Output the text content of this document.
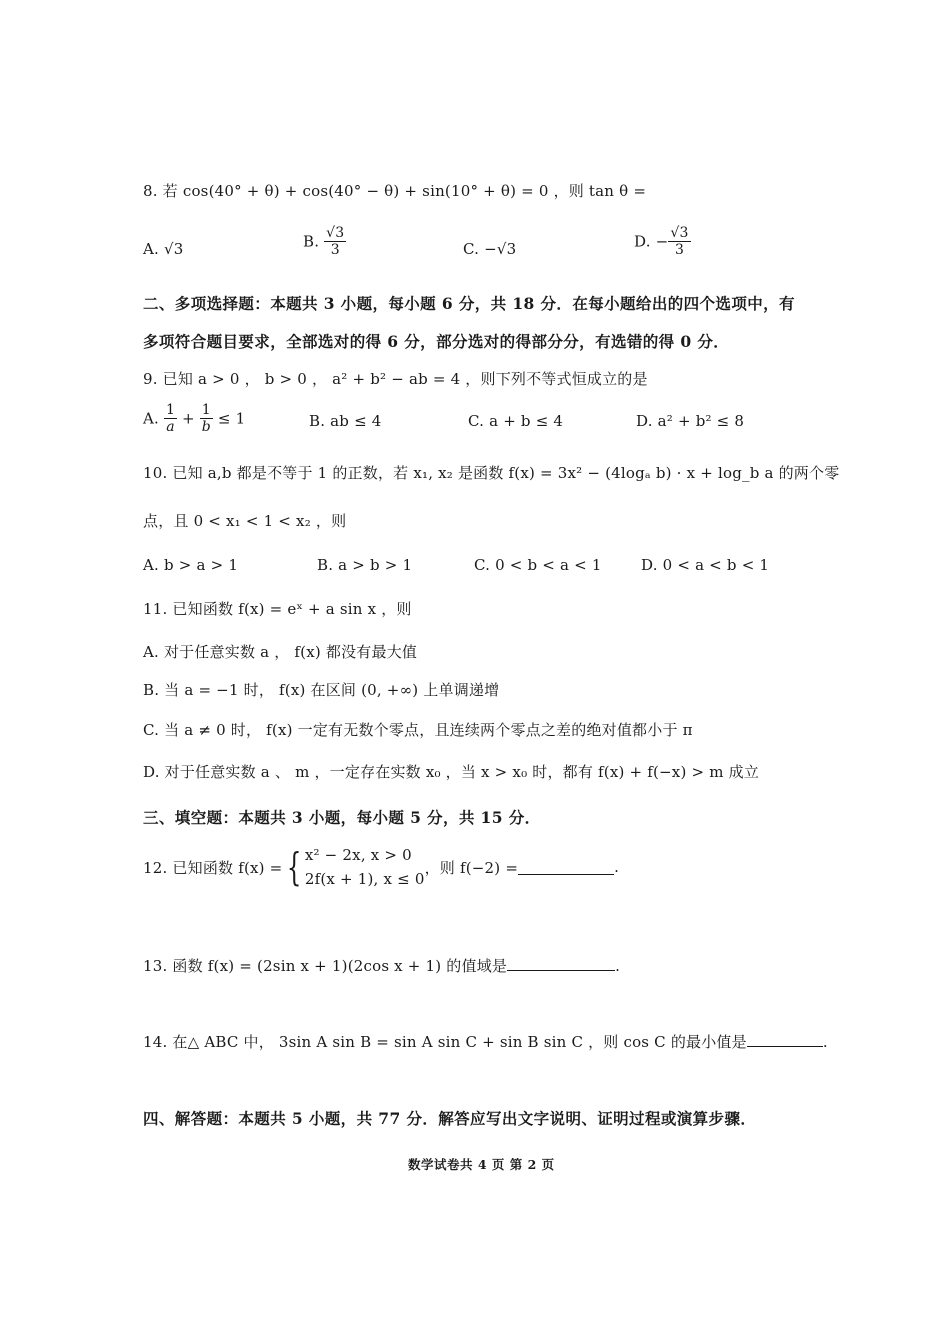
8. 若 cos(40° + θ) + cos(40° − θ) + sin(10° + θ) = 0 ，则 tan θ =
A. √3	B. $\frac{√3}{3}$	C. −√3	D. − $\frac{√3}{3}$
二、多项选择题：本题共 3 小题，每小题 6 分，共 18 分．在每小题给出的四个选项中，有
多项符合题目要求，全部选对的得 6 分，部分选对的得部分分，有选错的得 0 分．
9. 已知 a > 0 ， b > 0 ， a² + b² − ab = 4 ，则下列不等式恒成立的是
A. $\frac{1}{a} + \frac{1}{b} \le 1$	B. ab ≤ 4	C. a + b ≤ 4	D. a² + b² ≤ 8
10. 已知 a,b 都是不等于 1 的正数，若 x₁, x₂ 是函数 f(x) = 3x² − (4logₐ b) · x + log_b a 的两个零
点，且 0 < x₁ < 1 < x₂ ，则
A. b > a > 1	B. a > b > 1	C. 0 < b < a < 1	D. 0 < a < b < 1
11. 已知函数 f(x) = eˣ + a sin x ，则
A. 对于任意实数 a ， f(x) 都没有最大值
B. 当 a = −1 时， f(x) 在区间 (0, +∞) 上单调递增
C. 当 a ≠ 0 时， f(x) 一定有无数个零点，且连续两个零点之差的绝对值都小于 π
D. 对于任意实数 a 、 m ，一定存在实数 x₀ ，当 x > x₀ 时，都有 f(x) + f(−x) > m 成立
三、填空题：本题共 3 小题，每小题 5 分，共 15 分．
12. 已知函数 f(x) = { x² − 2x, x > 0
2f(x + 1), x ≤ 0
，则 f(−2) =	.
13. 函数 f(x) = (2sin x + 1)(2cos x + 1) 的值域是	.
14. 在△ ABC 中， 3sin A sin B = sin A sin C + sin B sin C ，则 cos C 的最小值是	.
四、解答题：本题共 5 小题，共 77 分．解答应写出文字说明、证明过程或演算步骤．
数学试卷共 4 页 第 2 页
